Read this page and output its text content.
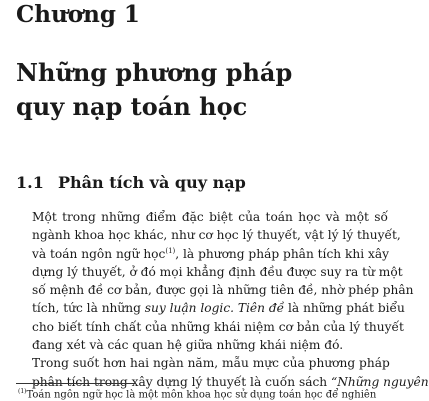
Chương 1
Những phương pháp
quy nạp toán học
1.1 Phân tích và quy nạp

Một trong những điểm đặc biệt của toán học và một số
ngành khoa học khác, như cơ học lý thuyết, vật lý lý thuyết,
và toán ngôn ngữ học$^{(1)}$, là phương pháp phân tích khi xây
dựng lý thuyết, ở đó mọi khẳng định đều được suy ra từ một
số mệnh đề cơ bản, được gọi là những tiên đề, nhờ phép phân
tích, tức là những suy luận logic. Tiên đề là những phát biểu
cho biết tính chất của những khái niệm cơ bản của lý thuyết
đang xét và các quan hệ giữa những khái niệm đó.

Trong suốt hơn hai ngàn năm, mẫu mực của phương pháp
phân tích trong xây dựng lý thuyết là cuốn sách “Những nguyên

$^{(1)}$Toán ngôn ngữ học là một môn khoa học sử dụng toán học để nghiên
